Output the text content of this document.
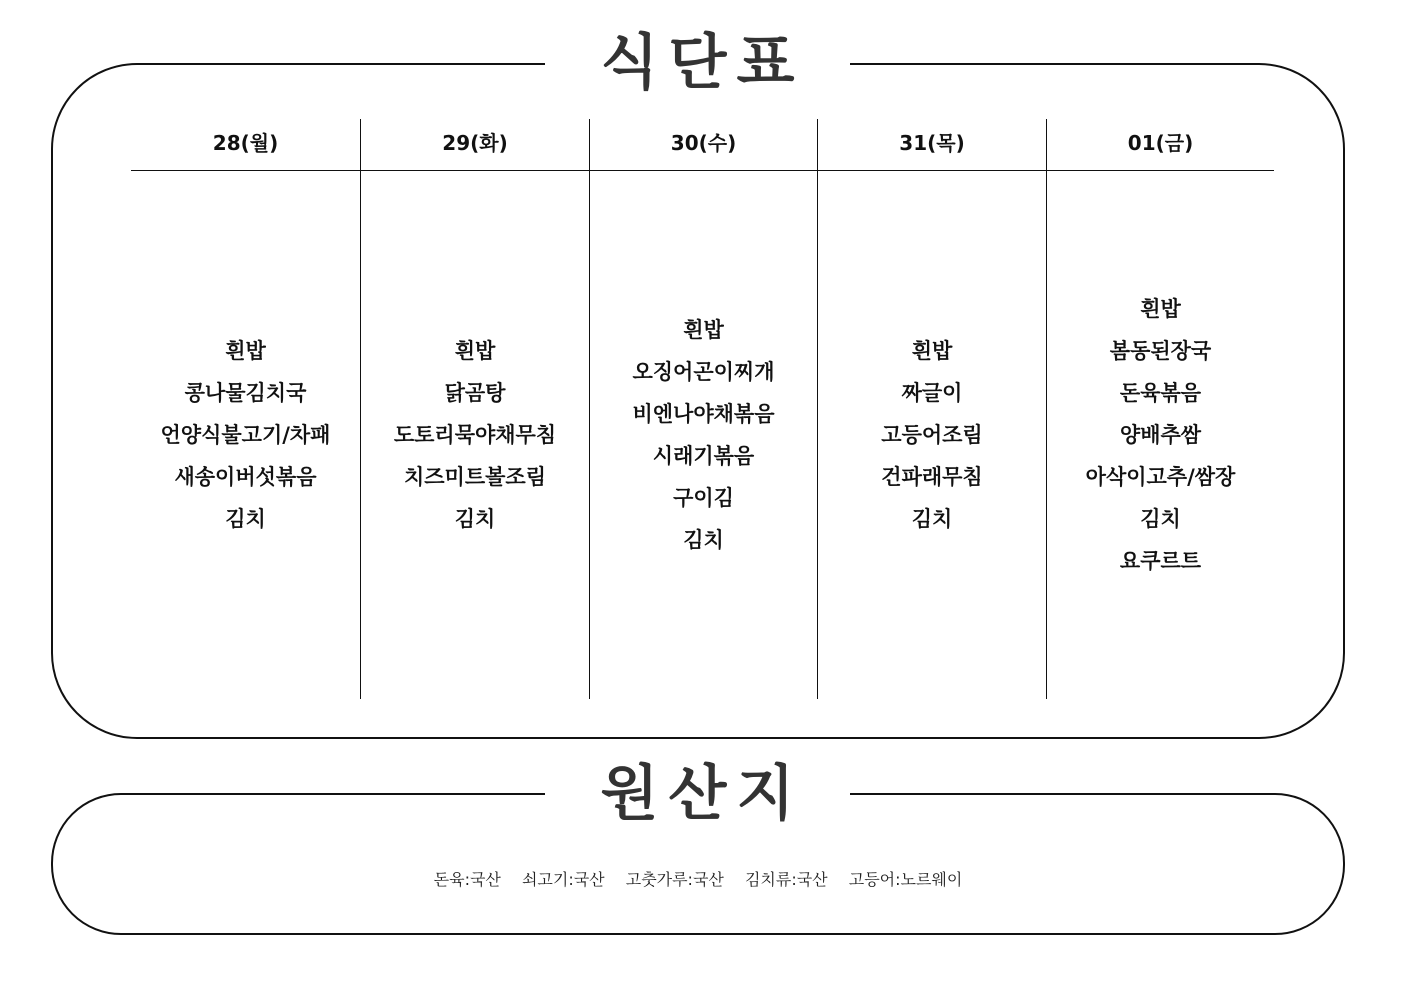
식단표
28(월)
흰밥
콩나물김치국
언양식불고기/차패
새송이버섯볶음
김치
29(화)
흰밥
닭곰탕
도토리묵야채무침
치즈미트볼조림
김치
30(수)
흰밥
오징어곤이찌개
비엔나야채볶음
시래기볶음
구이김
김치
31(목)
흰밥
짜글이
고등어조림
건파래무침
김치
01(금)
흰밥
봄동된장국
돈육볶음
양배추쌈
아삭이고추/쌈장
김치
요쿠르트
원산지
돈육:국산 쇠고기:국산 고춧가루:국산 김치류:국산 고등어:노르웨이
